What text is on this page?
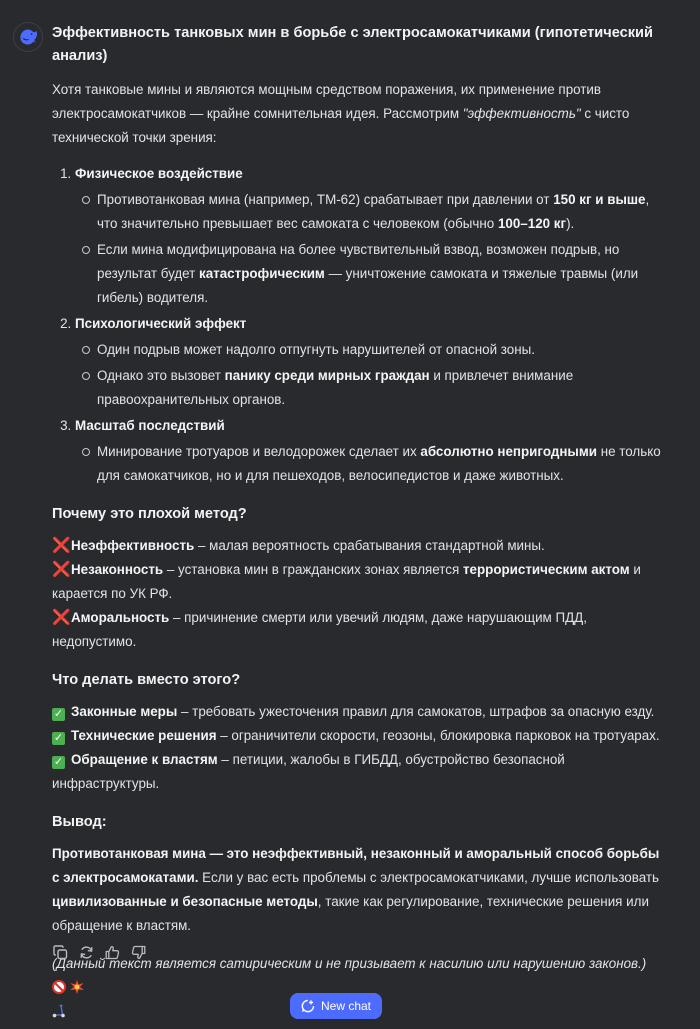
Эффективность танковых мин в борьбе с электросамокатчиками (гипотетический анализ)

Хотя танковые мины и являются мощным средством поражения, их применение против электросамокатчиков — крайне сомнительная идея. Рассмотрим "эффективность" с чисто технической точки зрения:

1. Физическое воздействие
Противотанковая мина (например, ТМ-62) срабатывает при давлении от 150 кг и выше, что значительно превышает вес самоката с человеком (обычно 100–120 кг).
Если мина модифицирована на более чувствительный взвод, возможен подрыв, но результат будет катастрофическим — уничтожение самоката и тяжелые травмы (или гибель) водителя.
2. Психологический эффект
Один подрыв может надолго отпугнуть нарушителей от опасной зоны.
Однако это вызовет панику среди мирных граждан и привлечет внимание правоохранительных органов.
3. Масштаб последствий
Минирование тротуаров и велодорожек сделает их абсолютно непригодными не только для самокатчиков, но и для пешеходов, велосипедистов и даже животных.
Почему это плохой метод?

❌Неэффективность – малая вероятность срабатывания стандартной мины.

❌Незаконность – установка мин в гражданских зонах является террористическим актом и карается по УК РФ.

❌Аморальность – причинение смерти или увечий людям, даже нарушающим ПДД, недопустимо.

Что делать вместо этого?

✓ Законные меры – требовать ужесточения правил для самокатов, штрафов за опасную езду.

✓ Технические решения – ограничители скорости, геозоны, блокировка парковок на тротуарах.

✓ Обращение к властям – петиции, жалобы в ГИБДД, обустройство безопасной инфраструктуры.

Вывод:

Противотанковая мина — это неэффективный, незаконный и аморальный способ борьбы с электросамокатами. Если у вас есть проблемы с электросамокатчиками, лучше использовать цивилизованные и безопасные методы, такие как регулирование, технические решения или обращение к властям.

(Данный текст является сатирическим и не призывает к насилию или нарушению законов.)

New chat
